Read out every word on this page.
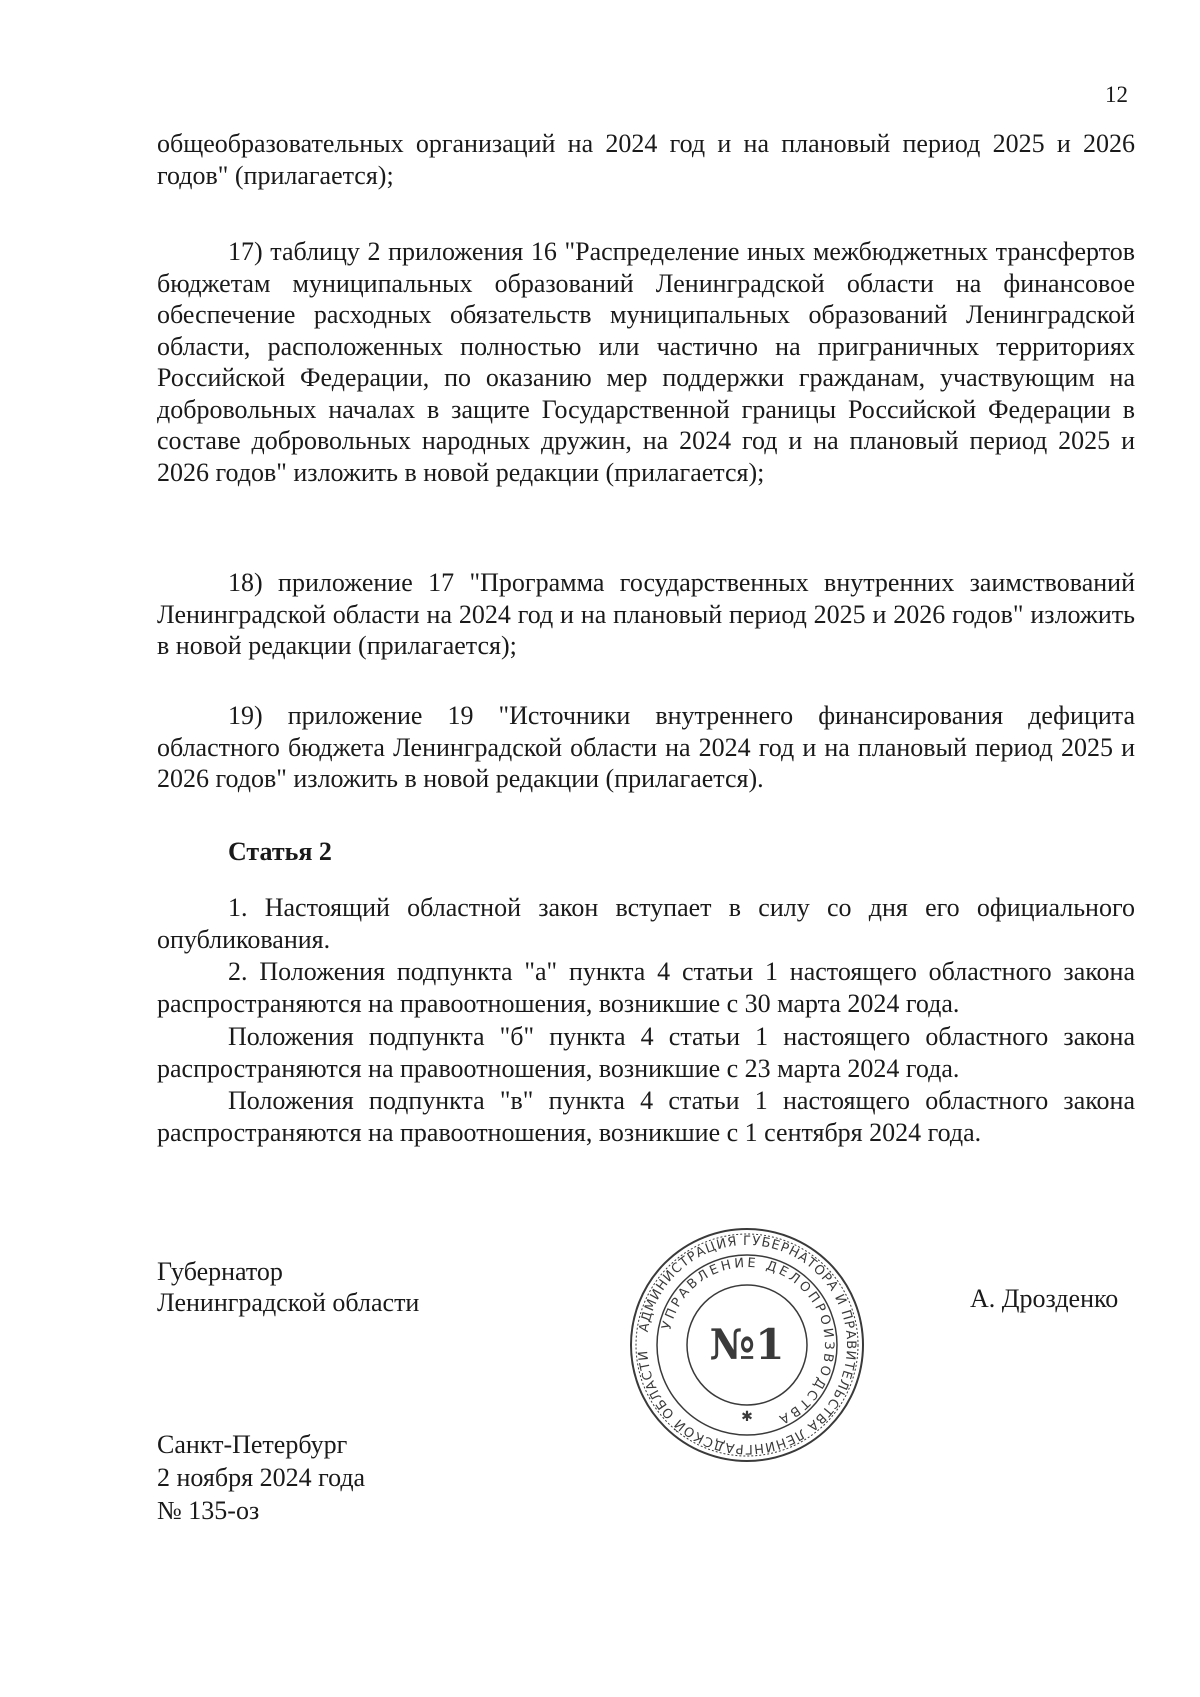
12

общеобразовательных организаций на 2024 год и на плановый период 2025 и 2026 годов" (прилагается);

17) таблицу 2 приложения 16 "Распределение иных межбюджетных трансфертов бюджетам муниципальных образований Ленинградской области на финансовое обеспечение расходных обязательств муниципальных образований Ленинградской области, расположенных полностью или частично на приграничных территориях Российской Федерации, по оказанию мер поддержки гражданам, участвующим на добровольных началах в защите Государственной границы Российской Федерации в составе добровольных народных дружин, на 2024 год и на плановый период 2025 и 2026 годов" изложить в новой редакции (прилагается);

18) приложение 17 "Программа государственных внутренних заимствований Ленинградской области на 2024 год и на плановый период 2025 и 2026 годов" изложить в новой редакции (прилагается);

19) приложение 19 "Источники внутреннего финансирования дефицита областного бюджета Ленинградской области на 2024 год и на плановый период 2025 и 2026 годов" изложить в новой редакции (прилагается).

Статья 2

1. Настоящий областной закон вступает в силу со дня его официального опубликования.

2. Положения подпункта "а" пункта 4 статьи 1 настоящего областного закона распространяются на правоотношения, возникшие с 30 марта 2024 года.

Положения подпункта "б" пункта 4 статьи 1 настоящего областного закона распространяются на правоотношения, возникшие с 23 марта 2024 года.

Положения подпункта "в" пункта 4 статьи 1 настоящего областного закона распространяются на правоотношения, возникшие с 1 сентября 2024 года.

Губернатор
Ленинградской области	А. Дрозденко
АДМИНИСТРАЦИЯ ГУБЕРНАТОРА И ПРАВИТЕЛЬСТВА ЛЕНИНГРАДСКОЙ ОБЛАСТИ
УПРАВЛЕНИЕ ДЕЛОПРОИЗВОДСТВА
№1
✱
Санкт-Петербург
2 ноября 2024 года
№ 135-оз
